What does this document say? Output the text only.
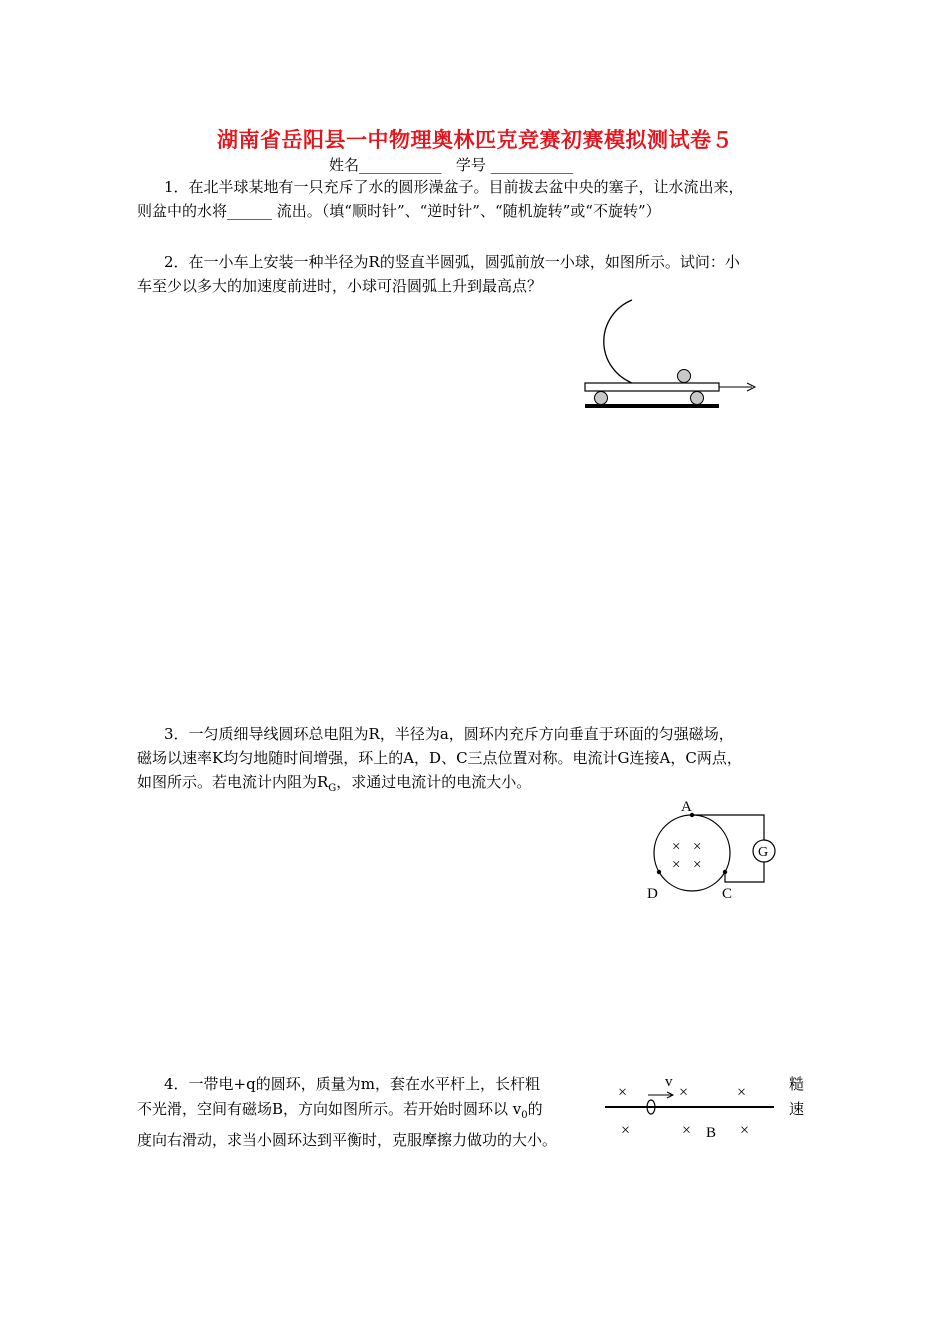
湖南省岳阳县一中物理奥林匹克竞赛初赛模拟测试卷５
姓名___________ 学号 ___________
1．在北半球某地有一只充斥了水的圆形澡盆子。目前拔去盆中央的塞子，让水流出来，
则盆中的水将______ 流出。（填“顺时针”、“逆时针”、“随机旋转”或“不旋转”）
2．在一小车上安装一种半径为R的竖直半圆弧，圆弧前放一小球，如图所示。试问：小
车至少以多大的加速度前进时，小球可沿圆弧上升到最高点？
3．一匀质细导线圆环总电阻为R，半径为a，圆环内充斥方向垂直于环面的匀强磁场，
磁场以速率K均匀地随时间增强，环上的A，D、C三点位置对称。电流计G连接A，C两点，
如图所示。若电流计内阻为$R_G$，求通过电流计的电流大小。
A
D	C
× ×
× ×
G
4．一带电+q的圆环，质量为m，套在水平杆上，长杆粗
不光滑，空间有磁场B，方向如图所示。若开始时圆环以 $v_0$的
度向右滑动，求当小圆环达到平衡时，克服摩擦力做功的大小。
糙
速
×	×	×
×	×	×
v
B
